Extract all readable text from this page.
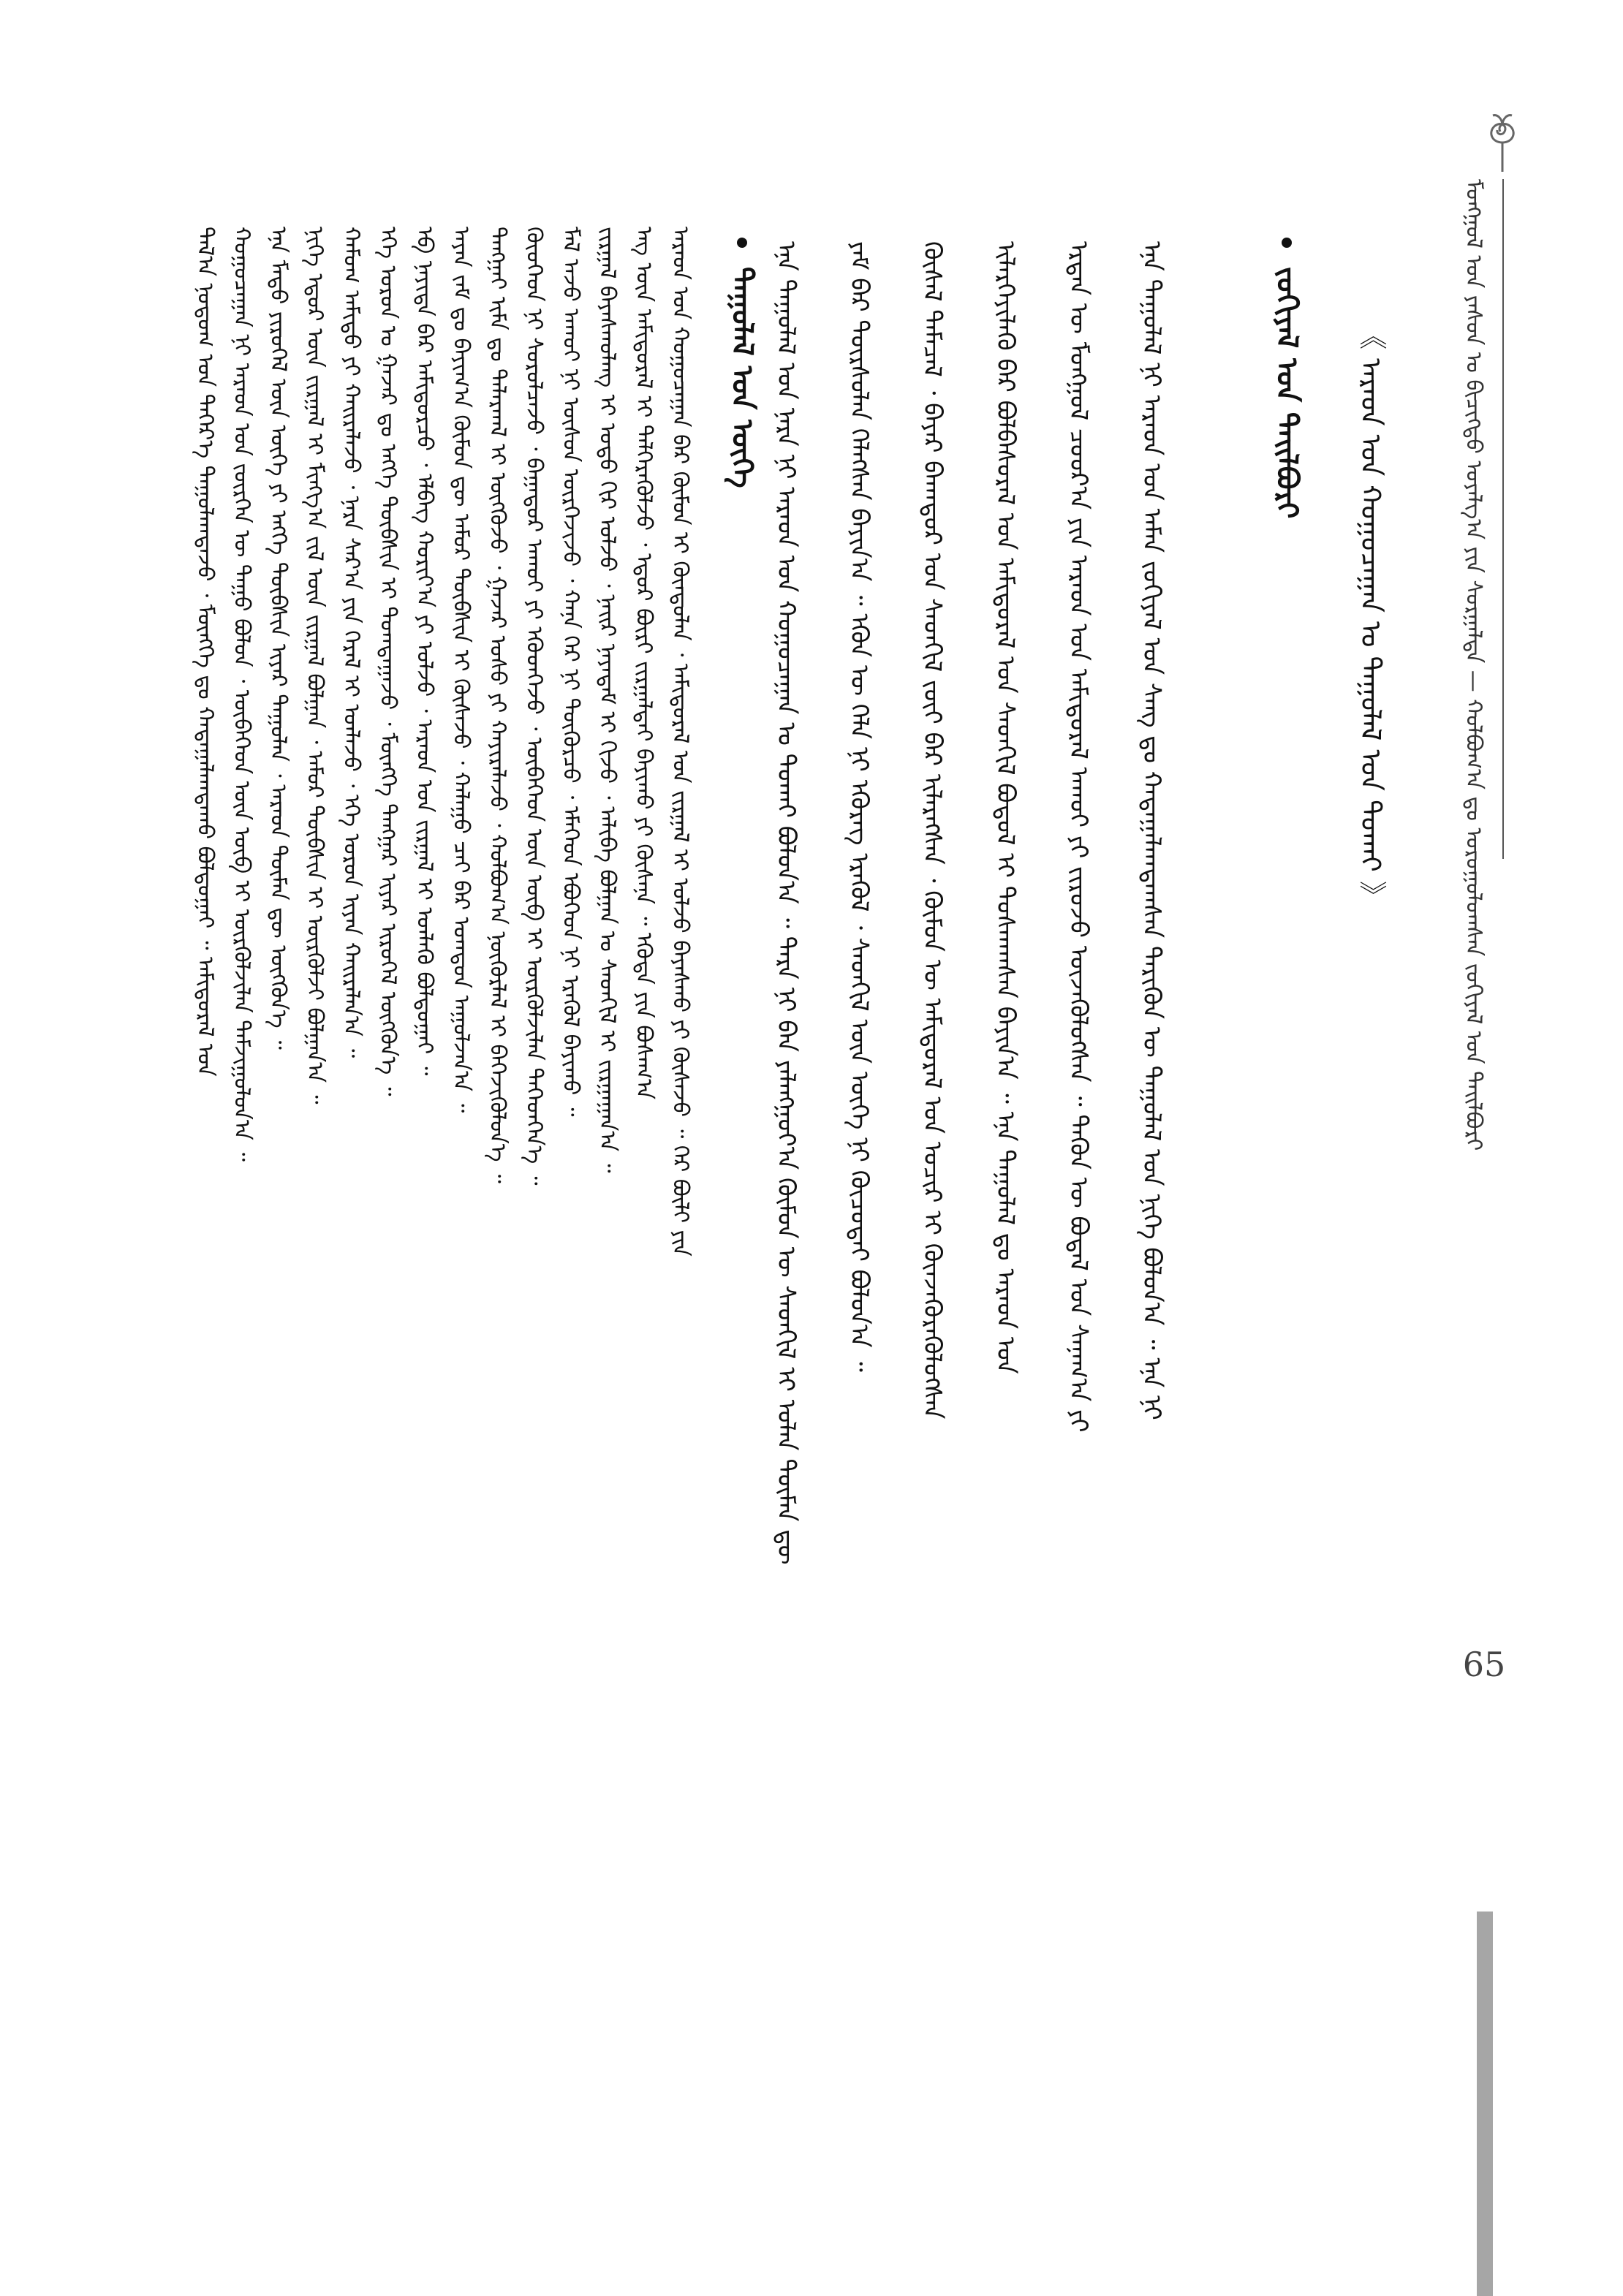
ᠮᠣᠩᠭᠣᠯ ᠤᠨ ᠶᠠᠰᠤᠨ ᠤ ᠪᠢᠴᠢᠭᠲᠦ ᠤᠶᠠᠯᠭ᠎ᠠ ᠶᠢᠨ ᠰᠤᠷᠭᠠᠯᠲᠠ — ᠬᠣᠯᠪᠣᠭ᠎ᠠ ᠳᠤ ᠣᠷᠣᠭᠤᠯᠤᠭᠰᠠᠨ ᠵᠣᠬᠢᠶᠠᠯ ᠤᠨ ᠲᠠᠢᠯᠪᠤᠷᠢ
65
《 ᠠᠷᠠᠳ ᠤᠨ ᠬᠤᠭᠤᠴᠠᠭᠠᠨ ᠤ ᠳᠠᠭᠤᠯᠠᠯ ᠤᠨ ᠲᠤᠬᠠᠢ 》
ᠵᠣᠬᠢᠶᠠᠯ ᠤᠨ ᠲᠠᠢᠯᠪᠤᠷᠢ
ᠡᠨᠡ ᠳᠠᠭᠤᠯᠠᠯ ᠨᠢ ᠠᠷᠠᠳ ᠤᠨ ᠠᠮᠠᠨ ᠵᠣᠬᠢᠶᠠᠯ ᠤᠨ ᠰᠠᠩ ᠳᠤ ᠬᠠᠳᠠᠭᠠᠯᠠᠭᠳᠠᠭᠰᠠᠨ ᠲᠡᠷᠢᠭᠦᠨ ᠦ ᠳᠠᠭᠤᠯᠠᠯ ᠤᠨ ᠨᠢᠭᠡ ᠪᠣᠯᠤᠨ᠎ᠠ ᠃ ᠡᠨᠡ ᠨᠢ
ᠡᠷᠲᠡᠨ ᠦ ᠮᠣᠩᠭᠣᠯ ᠴᠤᠤᠷ᠎ᠠ ᠶᠢᠨ ᠠᠷᠠᠳ ᠤᠨ ᠠᠮᠢᠳᠤᠷᠠᠯ ᠠᠬᠤᠢ ᠶᠢ ᠵᠢᠷᠤᠵᠤ ᠦᠵᠡᠭᠦᠯᠦᠭᠰᠡᠨ ᠃ ᠲᠡᠭᠦᠨ ᠦ ᠪᠣᠳᠠᠯ ᠤᠨ ᠰᠠᠨᠠᠭ᠎ᠠ ᠶᠢ
ᠢᠯᠡᠷᠬᠡᠶᠢᠯᠡᠬᠦ ᠪᠠᠷ ᠪᠣᠯᠪᠠᠰᠤᠷᠠᠯ ᠤᠨ ᠠᠮᠢᠳᠤᠷᠠᠯ ᠤᠨ ᠰᠡᠳᠬᠢᠯ ᠪᠣᠳᠤᠯ ᠢ ᠲᠤᠰᠬᠠᠭᠰᠠᠨ ᠪᠠᠶᠢᠨ᠎ᠠ ᠃ ᠡᠨᠡ ᠳᠠᠭᠤᠯᠠᠯ ᠳᠤ ᠠᠷᠠᠳ ᠤᠨ
ᠬᠦᠰᠡᠯ ᠲᠡᠮᠡᠴᠡᠯ ᠂ ᠪᠠᠶᠠᠷ ᠪᠠᠬᠠᠳᠤᠷ ᠤᠨ ᠰᠡᠳᠬᠢᠯ ᠵᠦᠢ ᠪᠡᠷ ᠢᠯᠡᠷᠡᠭᠰᠡᠨ ᠂ ᠬᠦᠮᠦᠨ ᠦ ᠠᠮᠢᠳᠤᠷᠠᠯ ᠤᠨ ᠤᠴᠢᠷ ᠢ ᠭᠦᠨᠵᠡᠭᠦᠷᠡᠭᠦᠯᠦᠭᠰᠡᠨ
ᠶᠠᠮ ᠪᠠᠷ ᠳᠦᠷᠰᠦᠯᠡᠨ ᠬᠡᠯᠡᠭᠰᠡᠨ ᠪᠠᠶᠢᠨ᠎ᠠ ᠃ ᠡᠭᠦᠨ ᠦ ᠬᠡᠯᠡ ᠨᠢ ᠡᠭᠦᠷᠡᠭ ᠡᠷᠡᠭᠦᠯ ᠂ ᠰᠡᠳᠬᠢᠯ ᠦᠨ ᠦᠭᠡ ᠨᠢ ᠬᠦᠴᠦᠲᠡᠢ ᠪᠣᠯᠤᠨ᠎ᠠ ᠃
ᠡᠨᠡ ᠳᠠᠭᠤᠯᠠᠯ ᠤᠨ ᠨᠡᠷᠡ ᠨᠢ ᠠᠷᠠᠳ ᠤᠨ ᠬᠤᠭᠤᠴᠠᠭᠠᠨ ᠤ ᠲᠤᠬᠠᠢ ᠪᠣᠯᠤᠨ᠎ᠠ ᠃ ᠲᠡᠷᠡ ᠨᠢ ᠪᠡᠨ ᠶᠠᠯᠠᠩᠭᠤᠶ᠎ᠠ ᠬᠦᠮᠦᠨ ᠦ ᠰᠡᠳᠬᠢᠯ ᠢ ᠣᠯᠠᠨ ᠲᠦᠮᠡᠨ ᠳᠦ
ᠳᠠᠭᠤᠯᠠᠯ ᠤᠨ ᠦᠭᠡ
ᠠᠷᠠᠳ ᠤᠨ ᠬᠤᠭᠤᠴᠠᠭᠠᠨ ᠪᠠᠷ ᠬᠦᠮᠦᠨ ᠢ ᠬᠦᠨᠳᠦᠯᠡᠨ ᠂ ᠠᠮᠢᠳᠤᠷᠠᠯ ᠤᠨ ᠵᠢᠷᠭᠠᠯ ᠢ ᠣᠯᠵᠤ ᠪᠠᠶᠠᠰᠬᠤ ᠶᠢ ᠬᠦᠰᠡᠵᠦ ᠃ ᠭᠡᠷ ᠪᠦᠯᠢ ᠶᠢᠨ
ᠡᠩ ᠦᠨ ᠠᠮᠢᠳᠤᠷᠠᠯ ᠢ ᠳᠡᠯᠭᠡᠷᠡᠭᠦᠯᠵᠦ ᠂ ᠡᠳᠦᠷ ᠪᠦᠷᠢ ᠵᠢᠷᠭᠠᠯᠲᠠᠢ ᠪᠠᠶᠢᠬᠤ ᠶᠢ ᠬᠦᠰᠡᠨᠡ ᠃ ᠡᠭᠦᠳᠡ ᠶᠢᠨ ᠪᠤᠰᠠᠭ᠎ᠠ
ᠵᠢᠷᠭᠠᠯ ᠪᠠᠶᠠᠰᠬᠤᠯᠠᠩ ᠢ ᠣᠳᠣ ᠬᠢᠷ ᠣᠯᠵᠤ ᠂ ᠨᠠᠢᠷ ᠨᠠᠶᠠᠳᠠᠮ ᠢ ᠬᠢᠵᠦ ᠂ ᠠᠯᠢᠪᠠ ᠪᠣᠯᠭᠠᠨ ᠤ ᠰᠡᠳᠬᠢᠯ ᠢ ᠵᠢᠷᠭᠠᠭᠠᠨ᠎ᠠ ᠃
ᠮᠠᠯ ᠠᠵᠤ ᠠᠬᠤᠢ ᠨᠢ ᠥᠰᠦᠨ ᠥᠷᠭᠡᠵᠢᠵᠦ ᠂ ᠬᠠᠨᠠ ᠭᠡᠷ ᠨᠢ ᠳᠦᠭᠦᠷᠴᠦ ᠂ ᠡᠮᠡᠭᠡᠳ ᠡᠪᠦᠭᠡᠳ ᠨᠢ ᠡᠷᠡᠭᠦᠯ ᠪᠠᠶᠢᠬᠤ ᠃
ᠬᠦᠦᠬᠡᠳ ᠨᠢ ᠰᠤᠷᠤᠯᠴᠠᠵᠤ ᠂ ᠪᠠᠭᠠᠳᠤᠷ ᠠᠬᠤᠢ ᠶᠢ ᠡᠭᠦᠳᠬᠡᠵᠦ ᠂ ᠥᠪᠡᠭᠡᠳ ᠦᠨ ᠥᠪ ᠢ ᠦᠷᠭᠦᠯᠵᠢᠯᠡᠨ ᠳᠡᠭᠡᠳᠬᠡᠨ᠎ᠡ ᠃
ᠲᠡᠩᠭᠠᠢ ᠢᠮᠠ ᠳᠤ ᠲᠠᠯᠠᠷᠬᠠᠯ ᠢ ᠥᠭᠭᠦᠵᠦ ᠂ ᠭᠠᠵᠠᠷ ᠤᠰᠤ ᠶᠢ ᠬᠠᠶᠢᠷᠠᠯᠠᠵᠤ ᠂ ᠬᠣᠯᠪᠣᠭ᠎ᠠ ᠨᠥᠬᠦᠷᠯᠡᠯ ᠢ ᠪᠡᠬᠡᠵᠢᠭᠦᠯᠦᠨ᠎ᠡ ᠃
ᠠᠶᠠᠨ ᠵᠠᠮ ᠳᠤ ᠪᠠᠶᠢᠭ᠎ᠠ ᠬᠦᠮᠦᠨ ᠳᠦ ᠠᠮᠤᠷ ᠲᠦᠪᠰᠢᠨ ᠢ ᠬᠦᠰᠡᠵᠦ ᠂ ᠬᠠᠯᠠᠭᠤ ᠴᠠᠢ ᠪᠠᠷ ᠤᠭᠲᠤᠨ ᠠᠭᠤᠯᠵᠠᠨ᠎ᠠ ᠃
ᠡᠪ ᠨᠡᠶᠢᠲᠡ ᠪᠠᠷ ᠠᠮᠢᠳᠤᠷᠴᠤ ᠂ ᠡᠯᠪᠡᠭ ᠬᠤᠷᠢᠶ᠎ᠠ ᠶᠢ ᠣᠯᠵᠤ ᠂ ᠠᠷᠠᠳ ᠤᠨ ᠵᠢᠷᠭᠠᠯ ᠢ ᠡᠳᠯᠡᠬᠦ ᠪᠣᠯᠲᠤᠭᠠᠢ ᠃
ᠡᠬᠡ ᠣᠷᠣᠨ ᠤ ᠭᠠᠵᠠᠷ ᠳᠤ ᠡᠩᠬᠡ ᠲᠦᠪᠰᠢᠨ ᠢ ᠲᠣᠭᠲᠠᠭᠠᠵᠤ ᠂ ᠮᠥᠩᠬᠡ ᠲᠡᠩᠭᠠᠷ ᠢᠶᠠᠷ ᠢᠷᠦᠭᠡᠯ ᠥᠭᠭᠦᠨ᠎ᠡ ᠃
ᠬᠠᠮᠤᠭ ᠠᠮᠢᠳᠤ ᠶᠢ ᠬᠠᠢᠷᠠᠯᠠᠵᠤ ᠂ ᠨᠠᠷᠠ ᠰᠠᠷ᠎ᠠ ᠶᠢᠨ ᠭᠡᠷᠡᠯ ᠢ ᠡᠳᠯᠡᠵᠦ ᠂ ᠡᠬᠡ ᠣᠷᠣᠨ ᠢᠶᠠᠨ ᠬᠠᠢᠷᠠᠯᠠᠨ᠎ᠠ ᠃
ᠨᠢᠭᠡ ᠡᠳᠦᠷ ᠦᠨ ᠵᠢᠷᠭᠠᠯ ᠢ ᠮᠢᠩᠭ᠎ᠠ ᠵᠢᠯ ᠦᠨ ᠵᠢᠷᠭᠠᠯ ᠪᠣᠯᠭᠠᠨ ᠂ ᠠᠮᠤᠷ ᠲᠦᠪᠰᠢᠨ ᠢ ᠦᠷᠭᠦᠯᠵᠢ ᠪᠣᠯᠭᠠᠨ᠎ᠠ ᠃
ᠡᠨᠡ ᠮᠡᠲᠦ ᠶᠢᠷᠦᠭᠡᠯ ᠦᠨ ᠦᠭᠡ ᠶᠢ ᠡᠩᠬᠡ ᠲᠦᠪᠰᠢᠨ ᠢᠶᠠᠷ ᠳᠠᠭᠤᠯᠠᠨ ᠂ ᠠᠷᠠᠳ ᠲᠦᠮᠡᠨ ᠳᠦ ᠥᠭᠭᠦᠨ᠎ᠡ ᠃
ᠬᠤᠭᠤᠴᠠᠭᠠᠨ ᠨᠢ ᠠᠷᠠᠳ ᠤᠨ ᠵᠦᠷᠬᠡᠨ ᠦ ᠳᠠᠭᠤ ᠪᠣᠯᠤᠨ ᠂ ᠥᠪᠡᠭᠡᠳ ᠦᠨ ᠥᠪ ᠢ ᠦᠷᠭᠦᠯᠵᠢᠯᠡᠨ ᠳᠠᠮᠵᠢᠭᠤᠯᠤᠨ᠎ᠠ ᠃
ᠲᠠᠯ᠎ᠠ ᠨᠤᠲᠤᠭ ᠤᠨ ᠳᠡᠭᠡᠷ᠎ᠡ ᠳᠠᠭᠤᠯᠠᠭᠳᠠᠵᠤ ᠂ ᠮᠥᠩᠬᠡ ᠳᠤ ᠬᠠᠳᠠᠭᠠᠯᠠᠭᠳᠠᠬᠤ ᠪᠣᠯᠲᠤᠭᠠᠢ ᠃ ᠠᠮᠢᠳᠤᠷᠠᠯ ᠤᠨ
